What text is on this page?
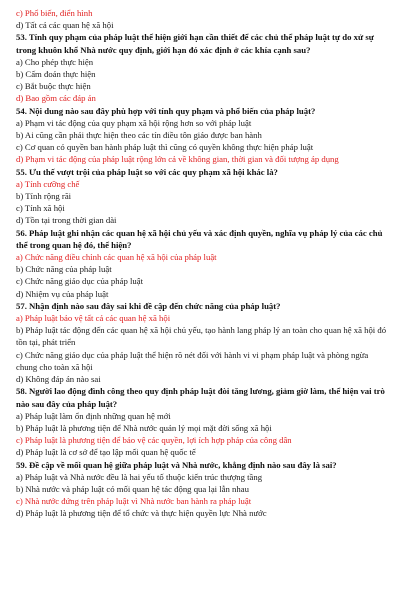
c) Phổ biến, điển hình
d) Tất cả các quan hệ xã hội
53. Tính quy phạm của pháp luật thể hiện giới hạn cần thiết để các chủ thể pháp luật tự do xử sự trong khuôn khổ Nhà nước quy định, giới hạn đó xác định ở các khía cạnh sau?
a) Cho phép thực hiện
b) Cấm đoán thực hiện
c) Bắt buộc thực hiện
d) Bao gồm các đáp án
54. Nội dung nào sau đây phù hợp với tính quy phạm và phổ biến của pháp luật?
a) Phạm vi tác động của quy phạm xã hội rộng hơn so với pháp luật
b) Ai cũng cần phải thực hiện theo các tín điều tôn giáo được ban hành
c) Cơ quan có quyền ban hành pháp luật thì cũng có quyền không thực hiện pháp luật
d) Phạm vi tác động của pháp luật rộng lớn cả về không gian, thời gian và đối tượng áp dụng
55. Ưu thế vượt trội của pháp luật so với các quy phạm xã hội khác là?
a) Tính cưỡng chế
b) Tính rộng rãi
c) Tính xã hội
d) Tồn tại trong thời gian dài
56. Pháp luật ghi nhận các quan hệ xã hội chủ yếu và xác định quyền, nghĩa vụ pháp lý của các chủ thể trong quan hệ đó, thể hiện?
a) Chức năng điều chỉnh các quan hệ xã hội của pháp luật
b) Chức năng của pháp luật
c) Chức năng giáo dục của pháp luật
d) Nhiệm vụ của pháp luật
57. Nhận định nào sau đây sai khi đề cập đến chức năng của pháp luật?
a) Pháp luật bảo vệ tất cả các quan hệ xã hội
b) Pháp luật tác động đến các quan hệ xã hội chủ yếu, tạo hành lang pháp lý an toàn cho quan hệ xã hội đó tồn tại, phát triển
c) Chức năng giáo dục của pháp luật thể hiện rõ nét đối với hành vi vi phạm pháp luật và phòng ngừa chung cho toàn xã hội
d) Không đáp án nào sai
58. Người lao động đình công theo quy định pháp luật đòi tăng lương, giảm giờ làm, thể hiện vai trò nào sau đây của pháp luật?
a) Pháp luật làm ổn định những quan hệ mới
b) Pháp luật là phương tiện để Nhà nước quản lý mọi mặt đời sống xã hội
c) Pháp luật là phương tiện để bảo vệ các quyền, lợi ích hợp pháp của công dân
d) Pháp luật là cơ sở để tạo lập mối quan hệ quốc tế
59. Đề cập về mối quan hệ giữa pháp luật và Nhà nước, khẳng định nào sau đây là sai?
a) Pháp luật và Nhà nước đều là hai yếu tố thuộc kiến trúc thượng tầng
b) Nhà nước và pháp luật có mối quan hệ tác động qua lại lẫn nhau
c) Nhà nước đứng trên pháp luật vì Nhà nước ban hành ra pháp luật
d) Pháp luật là phương tiện để tổ chức và thực hiện quyền lực Nhà nước
